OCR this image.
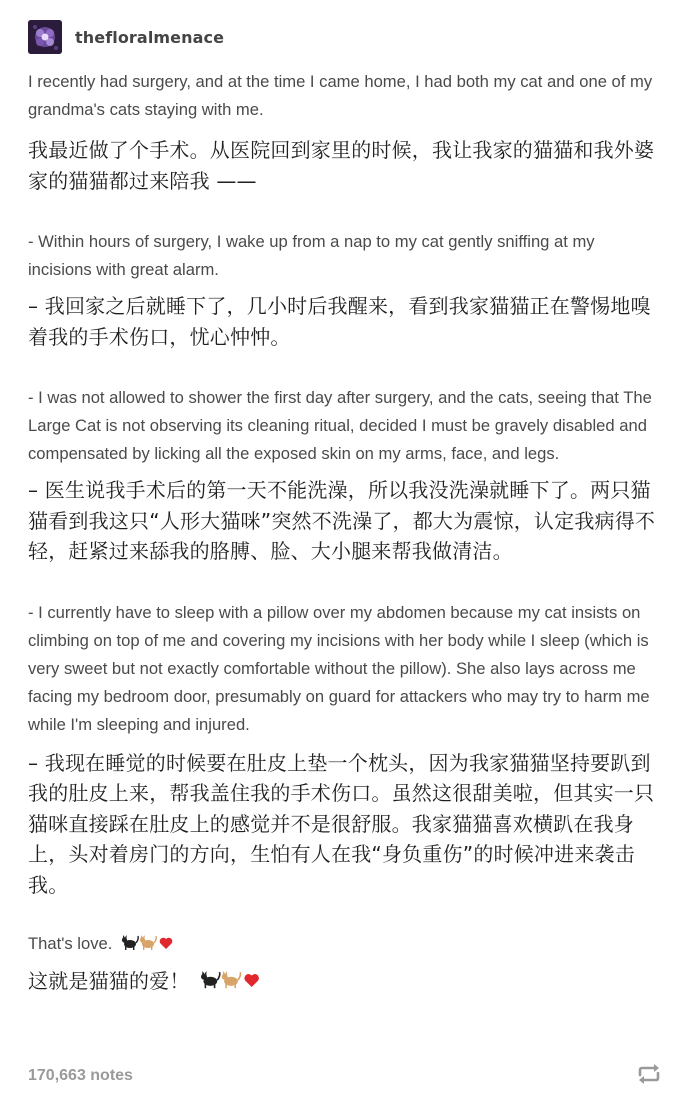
thefloralmenace

I recently had surgery, and at the time I came home, I had both my cat and one of my grandma's cats staying with me.

我最近做了个手术。从医院回到家里的时候，我让我家的猫猫和我外婆家的猫猫都过来陪我 ——

- Within hours of surgery, I wake up from a nap to my cat gently sniffing at my incisions with great alarm.

– 我回家之后就睡下了，几小时后我醒来，看到我家猫猫正在警惕地嗅着我的手术伤口，忧心忡忡。

- I was not allowed to shower the first day after surgery, and the cats, seeing that The Large Cat is not observing its cleaning ritual, decided I must be gravely disabled and compensated by licking all the exposed skin on my arms, face, and legs.

– 医生说我手术后的第一天不能洗澡，所以我没洗澡就睡下了。两只猫猫看到我这只“人形大猫咪”突然不洗澡了，都大为震惊，认定我病得不轻，赶紧过来舔我的胳膊、脸、大小腿来帮我做清洁。

- I currently have to sleep with a pillow over my abdomen because my cat insists on climbing on top of me and covering my incisions with her body while I sleep (which is very sweet but not exactly comfortable without the pillow). She also lays across me facing my bedroom door, presumably on guard for attackers who may try to harm me while I'm sleeping and injured.

– 我现在睡觉的时候要在肚皮上垫一个枕头，因为我家猫猫坚持要趴到我的肚皮上来，帮我盖住我的手术伤口。虽然这很甜美啦，但其实一只猫咪直接踩在肚皮上的感觉并不是很舒服。我家猫猫喜欢横趴在我身上，头对着房门的方向，生怕有人在我“身负重伤”的时候冲进来袭击我。

That's love.

这就是猫猫的爱！

170,663 notes
